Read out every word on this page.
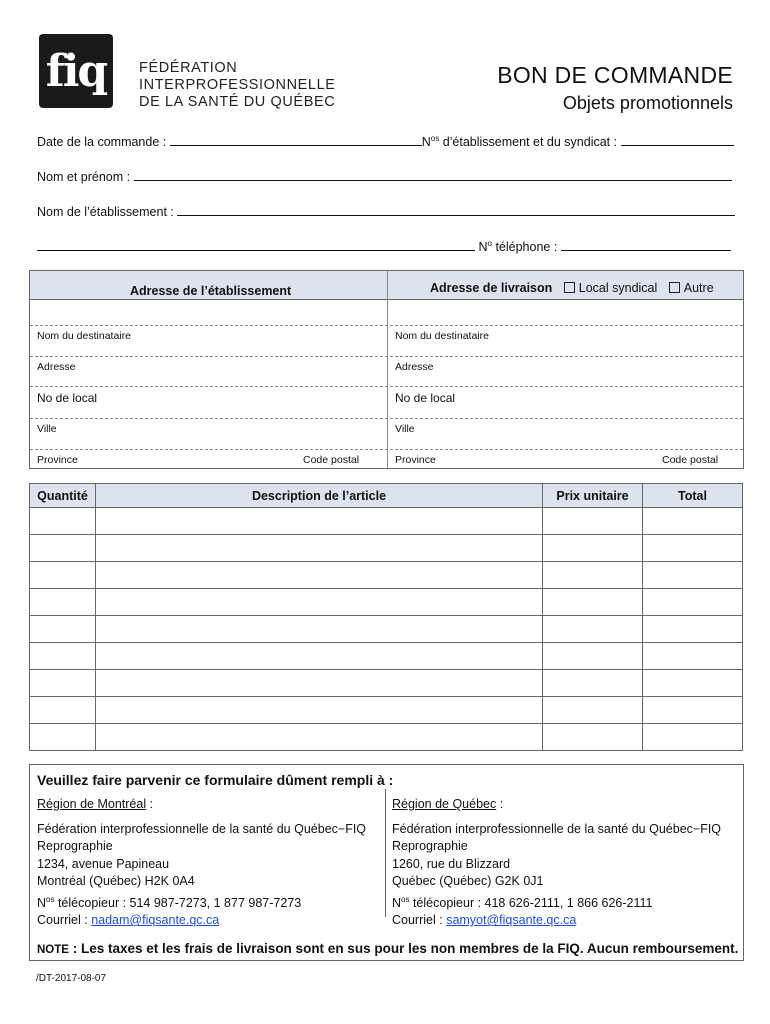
fiq FÉDÉRATION
INTERPROFESSIONNELLE
DE LA SANTÉ DU QUÉBEC
BON DE COMMANDE
Objets promotionnels
Date de la commande :	$N^{os}$ d’établissement et du syndicat :
Nom et prénom :
Nom de l’établissement :
$N^o$ téléphone :
Adresse de l’établissement	Adresse de livraison Local syndical Autre
Nom du destinataire	Nom du destinataire
Adresse	Adresse
No de local	No de local
Ville	Ville
Province	Code postal	Province	Code postal
Quantité	Description de l’article	Prix unitaire	Total

Veuillez faire parvenir ce formulaire dûment rempli à :
Région de Montréal :
Fédération interprofessionnelle de la santé du Québec−FIQ
Reprographie
1234, avenue Papineau
Montréal (Québec) H2K 0A4
$N^{os}$ télécopieur : 514 987-7273, 1 877 987-7273
Courriel : nadam@fiqsante.qc.ca
Région de Québec :
Fédération interprofessionnelle de la santé du Québec−FIQ
Reprographie
1260, rue du Blizzard
Québec (Québec) G2K 0J1
$N^{os}$ télécopieur : 418 626-2111, 1 866 626-2111
Courriel : samyot@fiqsante.qc.ca
NOTE : Les taxes et les frais de livraison sont en sus pour les non membres de la FIQ. Aucun remboursement.
/DT-2017-08-07
